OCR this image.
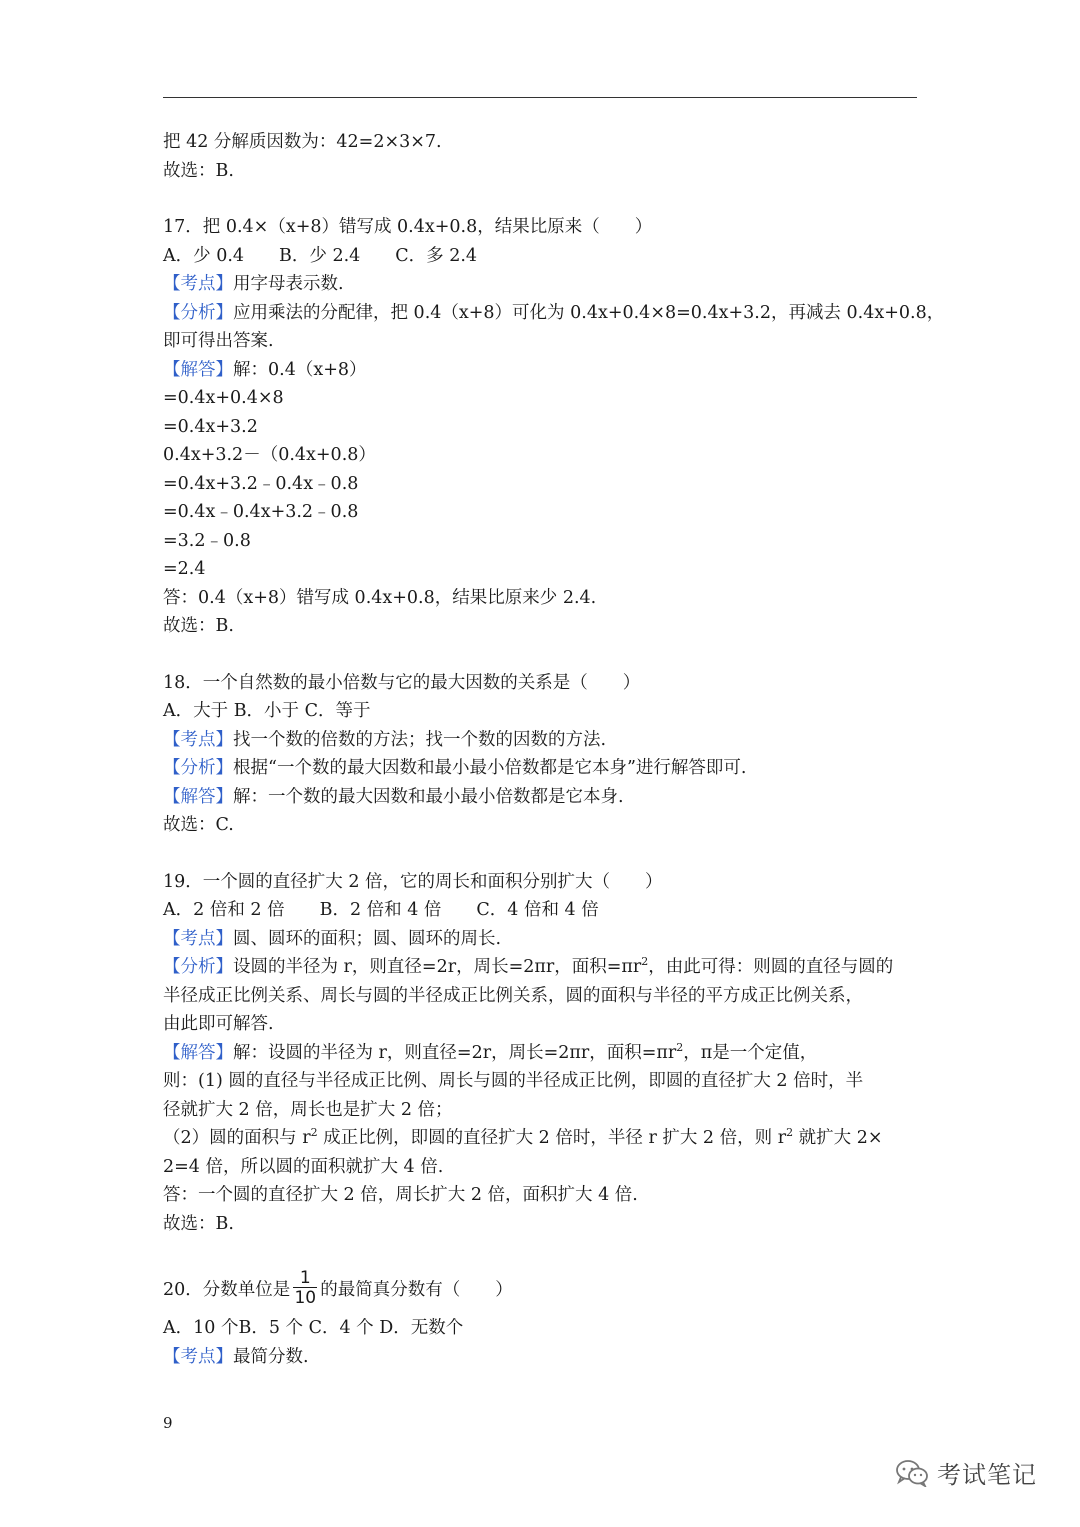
把 42 分解质因数为：42=2×3×7.
故选：B.
17．把 0.4×（x+8）错写成 0.4x+0.8，结果比原来（　　）
A．少 0.4　　B．少 2.4　　C．多 2.4
【考点】用字母表示数.
【分析】应用乘法的分配律，把 0.4（x+8）可化为 0.4x+0.4×8=0.4x+3.2，再减去 0.4x+0.8，
即可得出答案.
【解答】解：0.4（x+8）
=0.4x+0.4×8
=0.4x+3.2
0.4x+3.2－（0.4x+0.8）
=0.4x+3.2﹣0.4x﹣0.8
=0.4x﹣0.4x+3.2﹣0.8
=3.2﹣0.8
=2.4
答：0.4（x+8）错写成 0.4x+0.8，结果比原来少 2.4.
故选：B.
18．一个自然数的最小倍数与它的最大因数的关系是（　　）
A．大于 B．小于 C．等于
【考点】找一个数的倍数的方法；找一个数的因数的方法.
【分析】根据“一个数的最大因数和最小最小倍数都是它本身”进行解答即可.
【解答】解：一个数的最大因数和最小最小倍数都是它本身.
故选：C.
19．一个圆的直径扩大 2 倍，它的周长和面积分别扩大（　　）
A．2 倍和 2 倍　　B．2 倍和 4 倍　　C．4 倍和 4 倍
【考点】圆、圆环的面积；圆、圆环的周长.
【分析】设圆的半径为 r，则直径=2r，周长=2πr，面积$=\pi r^2$，由此可得：则圆的直径与圆的
半径成正比例关系、周长与圆的半径成正比例关系，圆的面积与半径的平方成正比例关系，
由此即可解答.
【解答】解：设圆的半径为 r，则直径=2r，周长=2πr，面积$=\pi r^2$，π是一个定值，
则：(1) 圆的直径与半径成正比例、周长与圆的半径成正比例，即圆的直径扩大 2 倍时，半
径就扩大 2 倍，周长也是扩大 2 倍；
（2）圆的面积与 $r^2$ 成正比例，即圆的直径扩大 2 倍时，半径 r 扩大 2 倍，则 $r^2$ 就扩大 2×
2=4 倍，所以圆的面积就扩大 4 倍.
答：一个圆的直径扩大 2 倍，周长扩大 2 倍，面积扩大 4 倍.
故选：B.
20．分数单位是 $\frac{1}{10}$ 的最简真分数有（　　）
A．10 个B．5 个 C．4 个 D．无数个
【考点】最简分数.
9
考试笔记
